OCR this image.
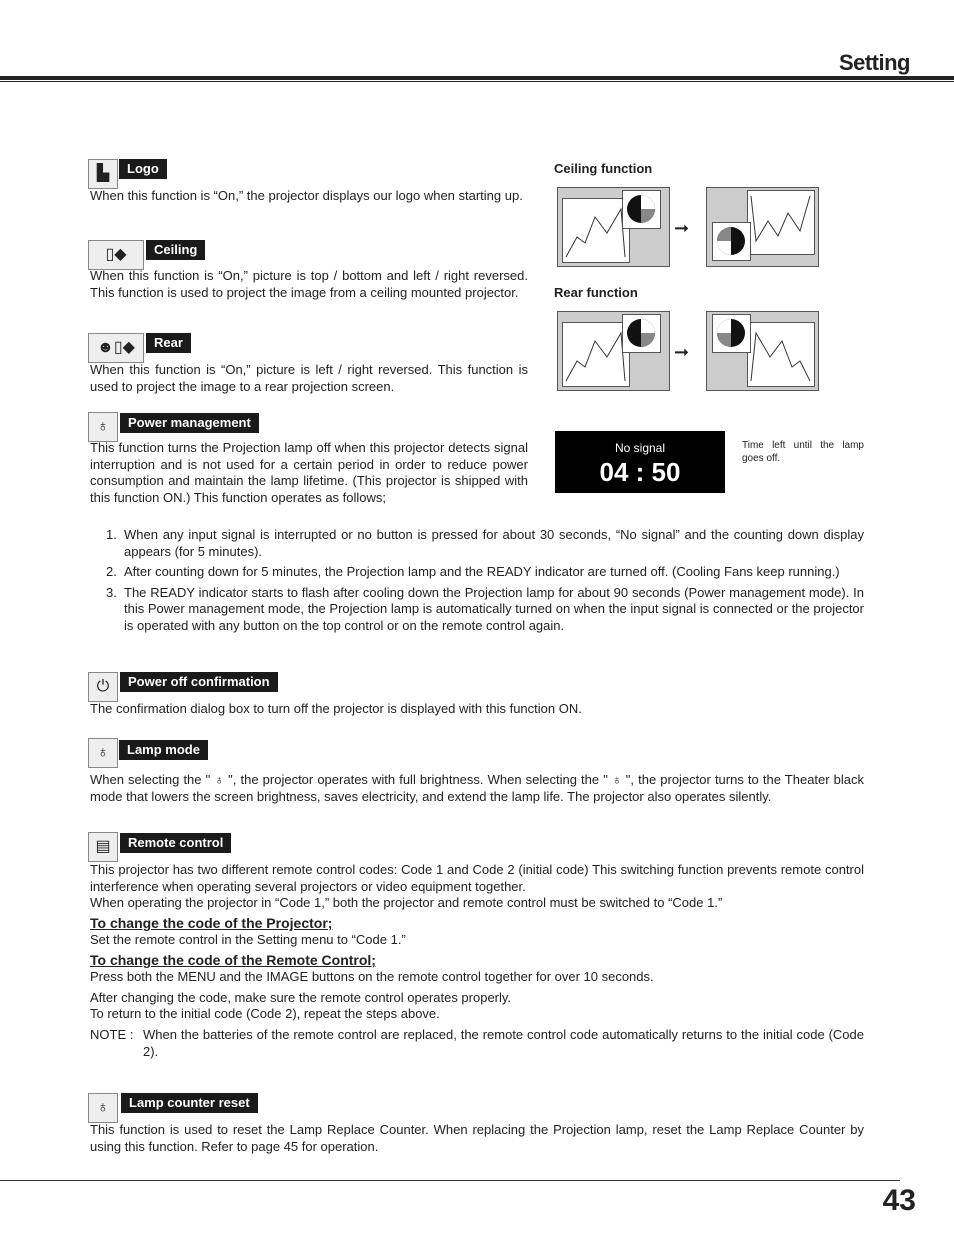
Setting
▙	Logo
When this function is “On,” the projector displays our logo when starting up.
▯◆	Ceiling
When this function is “On,” picture is top / bottom and left / right reversed. This function is used to project the image from a ceiling mounted projector.
☻▯◆	Rear
When this function is “On,” picture is left / right reversed. This function is used to project the image to a rear projection screen.
♁	Power management
This function turns the Projection lamp off when this projector detects signal interruption and is not used for a certain period in order to reduce power consumption and maintain the lamp lifetime. (This projector is shipped with this function ON.) This function operates as follows;
1. When any input signal is interrupted or no button is pressed for about 30 seconds, “No signal” and the counting down display appears (for 5 minutes).
2. After counting down for 5 minutes, the Projection lamp and the READY indicator are turned off. (Cooling Fans keep running.)
3. The READY indicator starts to flash after cooling down the Projection lamp for about 90 seconds (Power management mode). In this Power management mode, the Projection lamp is automatically turned on when the input signal is connected or the projector is operated with any button on the top control or on the remote control again.
Ceiling function
➞
Rear function
➞
No signal
04 : 50
Time left until the lamp goes off.
⏻	Power off confirmation
The confirmation dialog box to turn off the projector is displayed with this function ON.
♁	Lamp mode
When selecting the " ♁ ", the projector operates with full brightness. When selecting the " ♁ ", the projector turns to the Theater black mode that lowers the screen brightness, saves electricity, and extend the lamp life. The projector also operates silently.
▤	Remote control
This projector has two different remote control codes: Code 1 and Code 2 (initial code) This switching function prevents remote control interference when operating several projectors or video equipment together.
When operating the projector in “Code 1,” both the projector and remote control must be switched to “Code 1.”
To change the code of the Projector;
Set the remote control in the Setting menu to “Code 1.”
To change the code of the Remote Control;
Press both the MENU and the IMAGE buttons on the remote control together for over 10 seconds.
After changing the code, make sure the remote control operates properly.
To return to the initial code (Code 2), repeat the steps above.
NOTE : When the batteries of the remote control are replaced, the remote control code automatically returns to the initial code (Code 2).
♁	Lamp counter reset
This function is used to reset the Lamp Replace Counter. When replacing the Projection lamp, reset the Lamp Replace Counter by using this function. Refer to page 45 for operation.
43
